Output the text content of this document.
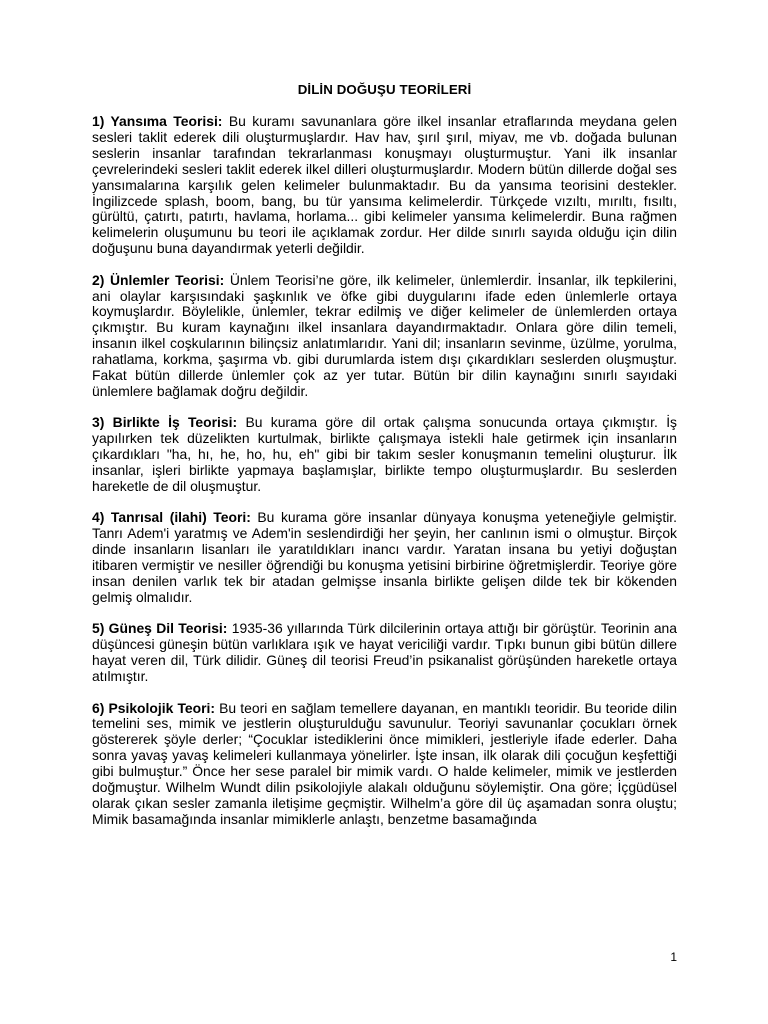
DİLİN DOĞUŞU TEORİLERİ

1) Yansıma Teorisi: Bu kuramı savunanlara göre ilkel insanlar etraflarında meydana gelen sesleri taklit ederek dili oluşturmuşlardır. Hav hav, şırıl şırıl, miyav, me vb. doğada bulunan seslerin insanlar tarafından tekrarlanması konuşmayı oluşturmuştur. Yani ilk insanlar çevrelerindeki sesleri taklit ederek ilkel dilleri oluşturmuşlardır. Modern bütün dillerde doğal ses yansımalarına karşılık gelen kelimeler bulunmaktadır. Bu da yansıma teorisini destekler. İngilizcede splash, boom, bang, bu tür yansıma kelimelerdir. Türkçede vızıltı, mırıltı, fısıltı, gürültü, çatırtı, patırtı, havlama, horlama... gibi kelimeler yansıma kelimelerdir. Buna rağmen kelimelerin oluşumunu bu teori ile açıklamak zordur. Her dilde sınırlı sayıda olduğu için dilin doğuşunu buna dayandırmak yeterli değildir.

2) Ünlemler Teorisi: Ünlem Teorisi’ne göre, ilk kelimeler, ünlemlerdir. İnsanlar, ilk tepkilerini, ani olaylar karşısındaki şaşkınlık ve öfke gibi duygularını ifade eden ünlemlerle ortaya koymuşlardır. Böylelikle, ünlemler, tekrar edilmiş ve diğer kelimeler de ünlemlerden ortaya çıkmıştır. Bu kuram kaynağını ilkel insanlara dayandırmaktadır. Onlara göre dilin temeli, insanın ilkel coşkularının bilinçsiz anlatımlarıdır. Yani dil; insanların sevinme, üzülme, yorulma, rahatlama, korkma, şaşırma vb. gibi durumlarda istem dışı çıkardıkları seslerden oluşmuştur. Fakat bütün dillerde ünlemler çok az yer tutar. Bütün bir dilin kaynağını sınırlı sayıdaki ünlemlere bağlamak doğru değildir.

3) Birlikte İş Teorisi: Bu kurama göre dil ortak çalışma sonucunda ortaya çıkmıştır. İş yapılırken tek düzelikten kurtulmak, birlikte çalışmaya istekli hale getirmek için insanların çıkardıkları "ha, hı, he, ho, hu, eh" gibi bir takım sesler konuşmanın temelini oluşturur. İlk insanlar, işleri birlikte yapmaya başlamışlar, birlikte tempo oluşturmuşlardır. Bu seslerden hareketle de dil oluşmuştur.

4) Tanrısal (ilahi) Teori: Bu kurama göre insanlar dünyaya konuşma yeteneğiyle gelmiştir. Tanrı Adem'i yaratmış ve Adem'in seslendirdiği her şeyin, her canlının ismi o olmuştur. Birçok dinde insanların lisanları ile yaratıldıkları inancı vardır. Yaratan insana bu yetiyi doğuştan itibaren vermiştir ve nesiller öğrendiği bu konuşma yetisini birbirine öğretmişlerdir. Teoriye göre insan denilen varlık tek bir atadan gelmişse insanla birlikte gelişen dilde tek bir kökenden gelmiş olmalıdır.

5) Güneş Dil Teorisi: 1935-36 yıllarında Türk dilcilerinin ortaya attığı bir görüştür. Teorinin ana düşüncesi güneşin bütün varlıklara ışık ve hayat vericiliği vardır. Tıpkı bunun gibi bütün dillere hayat veren dil, Türk dilidir. Güneş dil teorisi Freud’in psikanalist görüşünden hareketle ortaya atılmıştır.

6) Psikolojik Teori: Bu teori en sağlam temellere dayanan, en mantıklı teoridir. Bu teoride dilin temelini ses, mimik ve jestlerin oluşturulduğu savunulur. Teoriyi savunanlar çocukları örnek göstererek şöyle derler; “Çocuklar istediklerini önce mimikleri, jestleriyle ifade ederler. Daha sonra yavaş yavaş kelimeleri kullanmaya yönelirler. İşte insan, ilk olarak dili çocuğun keşfettiği gibi bulmuştur.” Önce her sese paralel bir mimik vardı. O halde kelimeler, mimik ve jestlerden doğmuştur. Wilhelm Wundt dilin psikolojiyle alakalı olduğunu söylemiştir. Ona göre; İçgüdüsel olarak çıkan sesler zamanla iletişime geçmiştir. Wilhelm’a göre dil üç aşamadan sonra oluştu; Mimik basamağında insanlar mimiklerle anlaştı, benzetme basamağında

1
